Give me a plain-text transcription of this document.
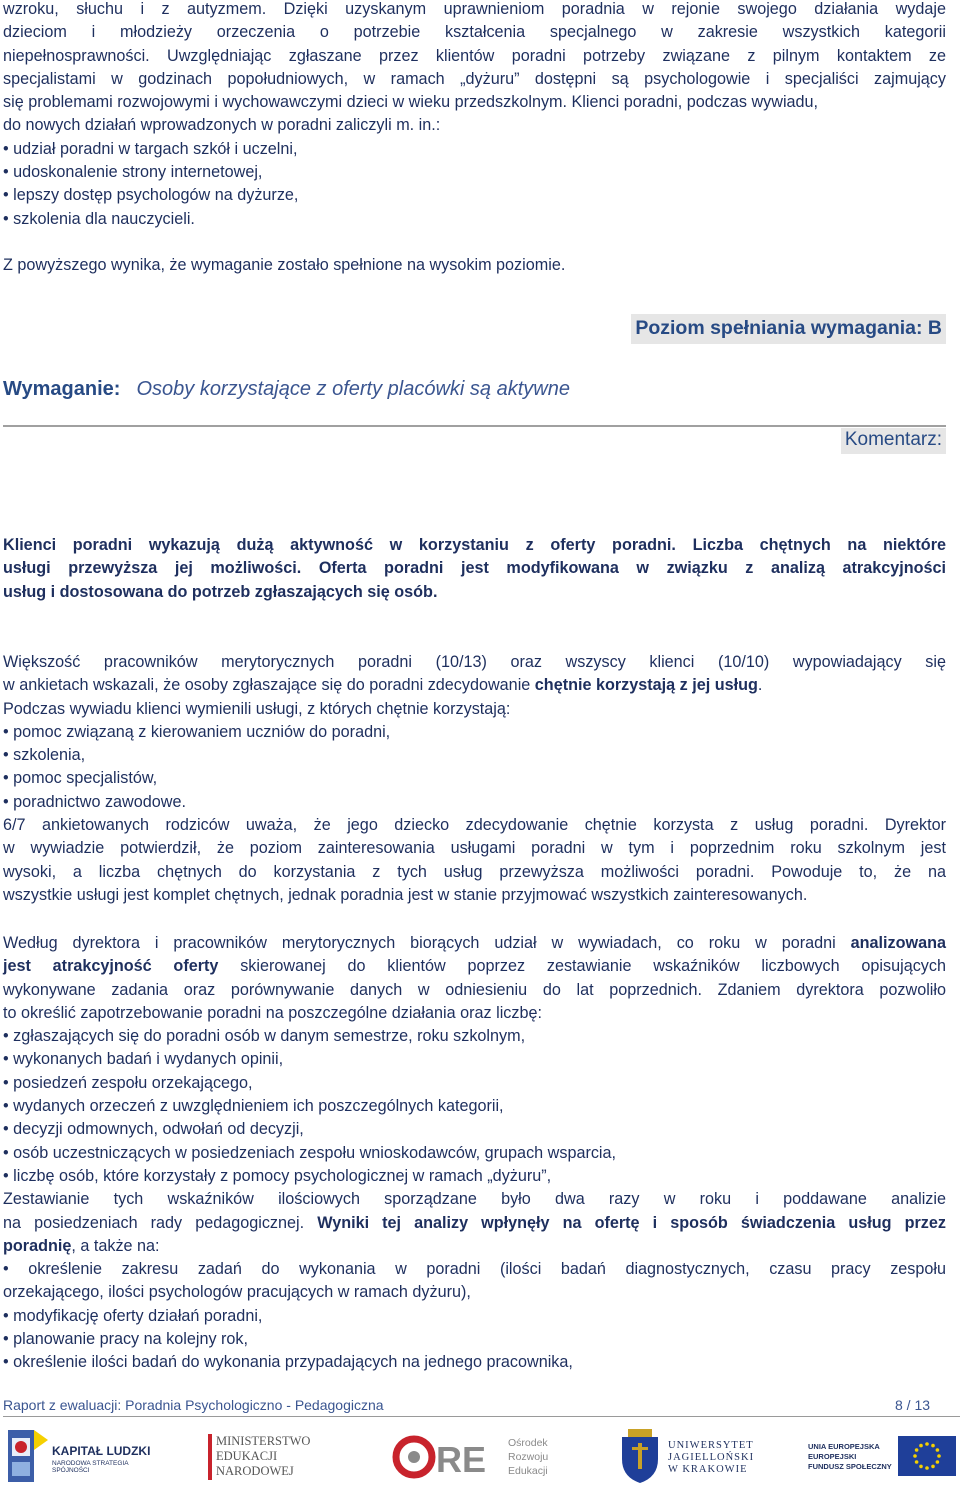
wzroku, słuchu i z autyzmem. Dzięki uzyskanym uprawnieniom poradnia w rejonie swojego działania wydaje
dzieciom i młodzieży orzeczenia o potrzebie kształcenia specjalnego w zakresie wszystkich kategorii
niepełnosprawności. Uwzględniając zgłaszane przez klientów poradni potrzeby związane z pilnym kontaktem ze
specjalistami w godzinach popołudniowych, w ramach „dyżuru” dostępni są psychologowie i specjaliści zajmujący
się problemami rozwojowymi i wychowawczymi dzieci w wieku przedszkolnym. Klienci poradni, podczas wywiadu,
do nowych działań wprowadzonych w poradni zaliczyli m. in.:
• udział poradni w targach szkół i uczelni,
• udoskonalenie strony internetowej,
• lepszy dostęp psychologów na dyżurze,
• szkolenia dla nauczycieli.
Z powyższego wynika, że wymaganie zostało spełnione na wysokim poziomie.
Poziom spełniania wymagania: B
Wymaganie: Osoby korzystające z oferty placówki są aktywne
Komentarz:
Klienci poradni wykazują dużą aktywność w korzystaniu z oferty poradni. Liczba chętnych na niektóre
usługi przewyższa jej możliwości. Oferta poradni jest modyfikowana w związku z analizą atrakcyjności
usług i dostosowana do potrzeb zgłaszających się osób.
Większość pracowników merytorycznych poradni (10/13) oraz wszyscy klienci (10/10) wypowiadający się
w ankietach wskazali, że osoby zgłaszające się do poradni zdecydowanie chętnie korzystają z jej usług.
Podczas wywiadu klienci wymienili usługi, z których chętnie korzystają:
• pomoc związaną z kierowaniem uczniów do poradni,
• szkolenia,
• pomoc specjalistów,
• poradnictwo zawodowe.
6/7 ankietowanych rodziców uważa, że jego dziecko zdecydowanie chętnie korzysta z usług poradni. Dyrektor
w wywiadzie potwierdził, że poziom zainteresowania usługami poradni w tym i poprzednim roku szkolnym jest
wysoki, a liczba chętnych do korzystania z tych usług przewyższa możliwości poradni. Powoduje to, że na
wszystkie usługi jest komplet chętnych, jednak poradnia jest w stanie przyjmować wszystkich zainteresowanych.
Według dyrektora i pracowników merytorycznych biorących udział w wywiadach, co roku w poradni analizowana
jest atrakcyjność oferty skierowanej do klientów poprzez zestawianie wskaźników liczbowych opisujących
wykonywane zadania oraz porównywanie danych w odniesieniu do lat poprzednich. Zdaniem dyrektora pozwoliło
to określić zapotrzebowanie poradni na poszczególne działania oraz liczbę:
• zgłaszających się do poradni osób w danym semestrze, roku szkolnym,
• wykonanych badań i wydanych opinii,
• posiedzeń zespołu orzekającego,
• wydanych orzeczeń z uwzględnieniem ich poszczególnych kategorii,
• decyzji odmownych, odwołań od decyzji,
• osób uczestniczących w posiedzeniach zespołu wnioskodawców, grupach wsparcia,
• liczbę osób, które korzystały z pomocy psychologicznej w ramach „dyżuru”,
Zestawianie tych wskaźników ilościowych sporządzane było dwa razy w roku i poddawane analizie
na posiedzeniach rady pedagogicznej. Wyniki tej analizy wpłynęły na ofertę i sposób świadczenia usług przez
poradnię, a także na:
• określenie zakresu zadań do wykonania w poradni (ilości badań diagnostycznych, czasu pracy zespołu
orzekającego, ilości psychologów pracujących w ramach dyżuru),
• modyfikację oferty działań poradni,
• planowanie pracy na kolejny rok,
• określenie ilości badań do wykonania przypadających na jednego pracownika,
Raport z ewaluacji: Poradnia Psychologiczno - Pedagogiczna	8 / 13
KAPITAŁ LUDZKI
NARODOWA STRATEGIA SPÓJNOŚCI
MINISTERSTWO
EDUKACJI
NARODOWEJ	RE Ośrodek
Rozwoju
Edukacji
UNIWERSYTET
JAGIELLOŃSKI
W KRAKOWIE
UNIA EUROPEJSKA
EUROPEJSKI
FUNDUSZ SPOŁECZNY
